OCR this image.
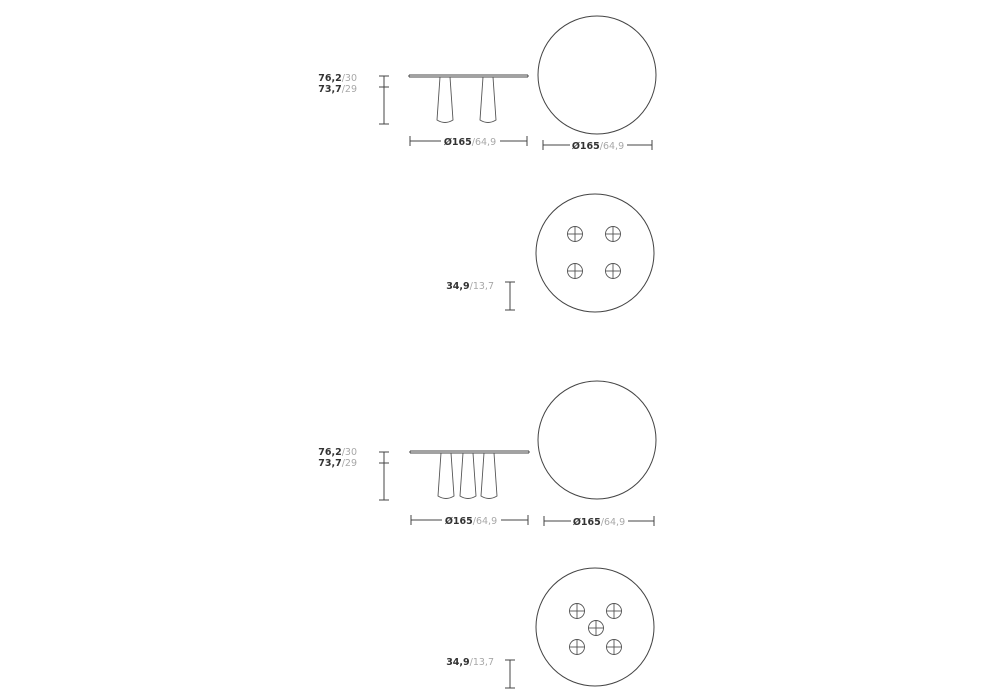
76,2/30
73,7/29
Ø165/64,9	Ø165/64,9
34,9/13,7
76,2/30
73,7/29
Ø165/64,9	Ø165/64,9
34,9/13,7
